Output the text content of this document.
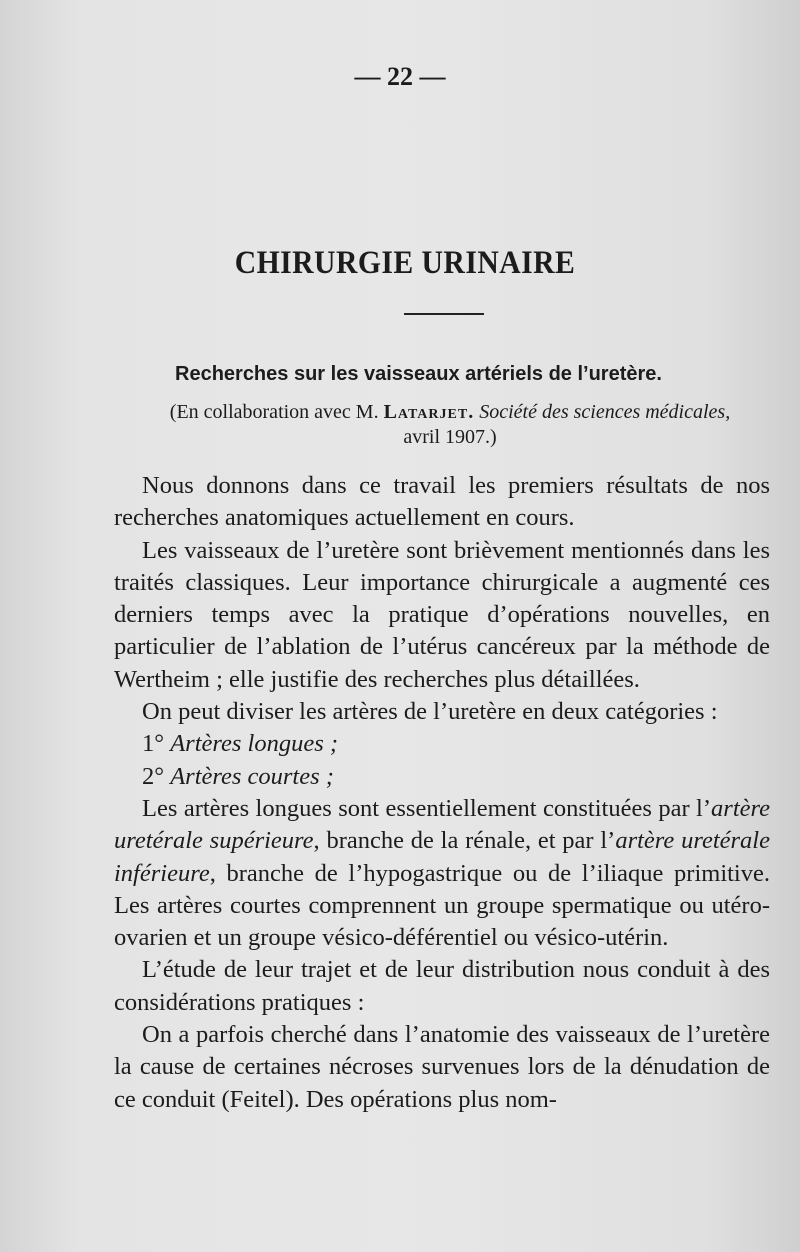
— 22 —
CHIRURGIE URINAIRE
Recherches sur les vaisseaux artériels de l’uretère.
(En collaboration avec M. Latarjet. Société des sciences médicales,
avril 1907.)

Nous donnons dans ce travail les premiers résultats de nos recherches anatomiques actuellement en cours.

Les vaisseaux de l’uretère sont brièvement mentionnés dans les traités classiques. Leur importance chirurgicale a augmenté ces derniers temps avec la pratique d’opérations nouvelles, en particulier de l’ablation de l’utérus cancéreux par la méthode de Wertheim ; elle justifie des recherches plus détaillées.

On peut diviser les artères de l’uretère en deux catégories :

1° Artères longues ;

2° Artères courtes ;

Les artères longues sont essentiellement constituées par l’artère uretérale supérieure, branche de la rénale, et par l’artère uretérale inférieure, branche de l’hypogastrique ou de l’iliaque primitive. Les artères courtes comprennent un groupe spermatique ou utéro-ovarien et un groupe vésico-déférentiel ou vésico-utérin.

L’étude de leur trajet et de leur distribution nous conduit à des considérations pratiques :

On a parfois cherché dans l’anatomie des vaisseaux de l’uretère la cause de certaines nécroses survenues lors de la dénudation de ce conduit (Feitel). Des opérations plus nom-
